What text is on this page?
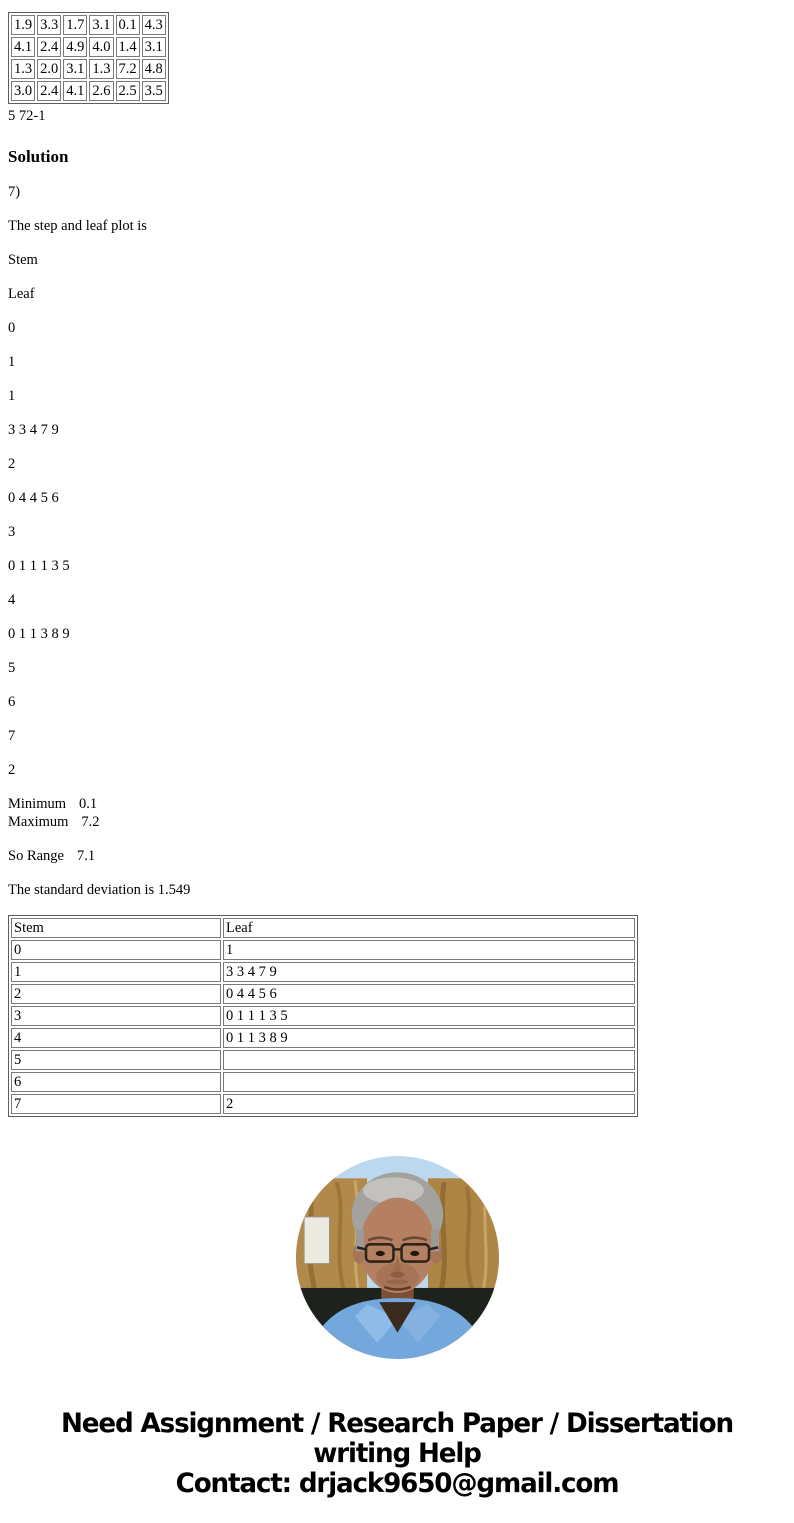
1.9	3.3	1.7	3.1	0.1	4.3
4.1	2.4	4.9	4.0	1.4	3.1
1.3	2.0	3.1	1.3	7.2	4.8
3.0	2.4	4.1	2.6	2.5	3.5

5 72-1

Solution

7)

The step and leaf plot is

Stem

Leaf

0

1

1

3 3 4 7 9

2

0 4 4 5 6

3

0 1 1 1 3 5

4

0 1 1 3 8 9

5

6

7

2

Minimum 0.1
Maximum 7.2

So Range 7.1

The standard deviation is 1.549

Stem	Leaf
0	1
1	3 3 4 7 9
2	0 4 4 5 6
3	0 1 1 1 3 5
4	0 1 1 3 8 9
5	
6	
7	2
Need Assignment / Research Paper / Dissertation
writing Help
Contact: drjack9650@gmail.com
